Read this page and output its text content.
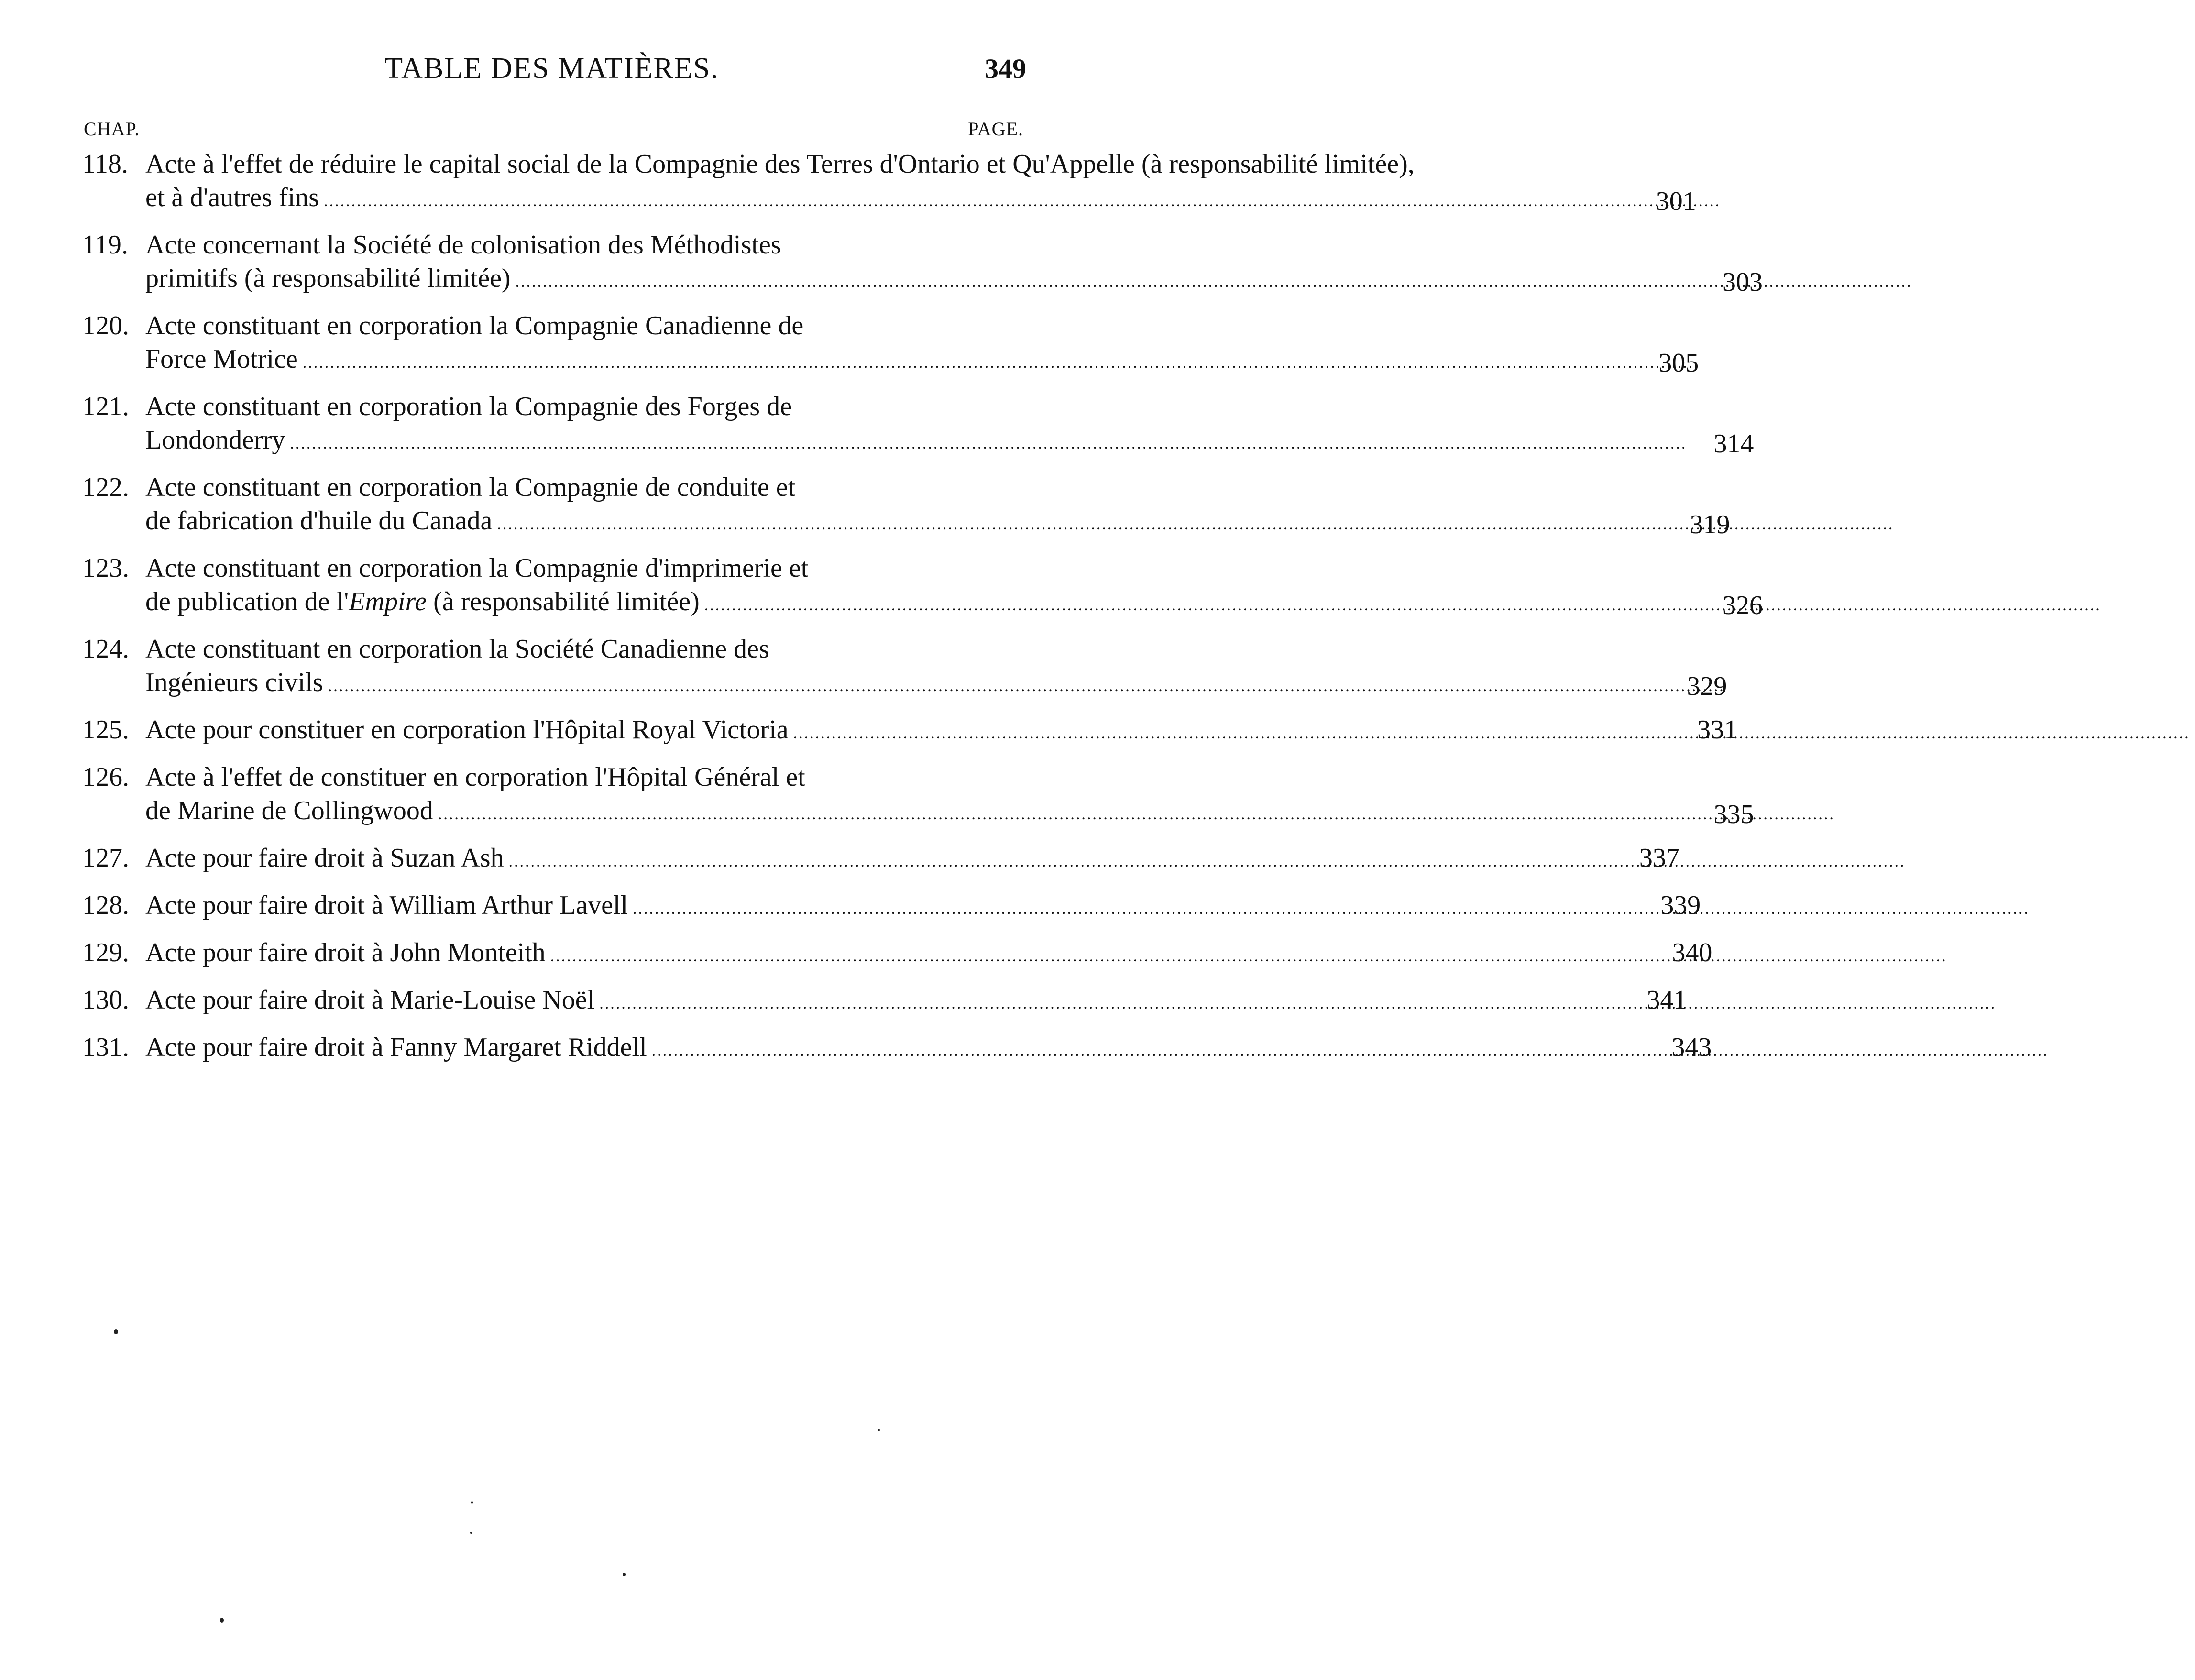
TABLE DES MATIÈRES.	349
CHAP.	PAGE.
118. Acte à l'effet de réduire le capital social de la Compagnie des Terres d'Ontario et Qu'Appelle (à responsabilité limitée),
et à d'autres fins .....	301
119. Acte concernant la Société de colonisation des Méthodistes
primitifs (à responsabilité limitée) .....	303
120. Acte constituant en corporation la Compagnie Canadienne de
Force Motrice .....	305
121. Acte constituant en corporation la Compagnie des Forges de
Londonderry .....	314
122. Acte constituant en corporation la Compagnie de conduite et
de fabrication d'huile du Canada .....	319
123. Acte constituant en corporation la Compagnie d'imprimerie et
de publication de l'Empire (à responsabilité limitée) .....	326
124. Acte constituant en corporation la Société Canadienne des
Ingénieurs civils .....	329
125. Acte pour constituer en corporation l'Hôpital Royal Victoria .....	331
126. Acte à l'effet de constituer en corporation l'Hôpital Général et
de Marine de Collingwood .....	335
127. Acte pour faire droit à Suzan Ash .....	337
128. Acte pour faire droit à William Arthur Lavell .....	339
129. Acte pour faire droit à John Monteith .....	340
130. Acte pour faire droit à Marie-Louise Noël .....	341
131. Acte pour faire droit à Fanny Margaret Riddell .....	343
